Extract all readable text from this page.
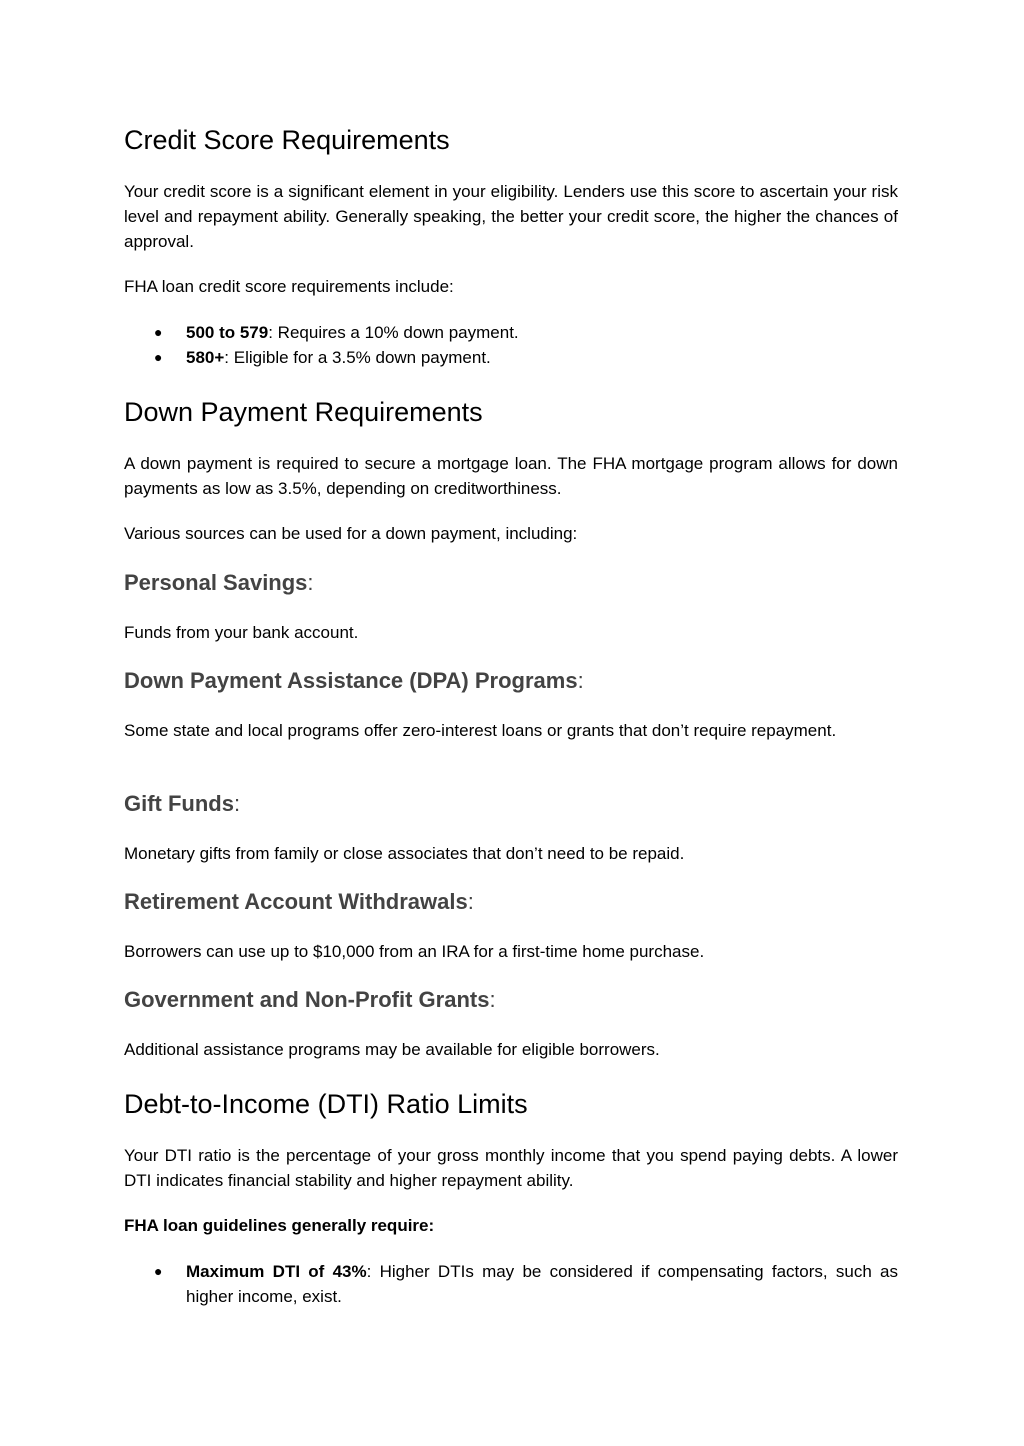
Credit Score Requirements

Your credit score is a significant element in your eligibility. Lenders use this score to ascertain your risk level and repayment ability. Generally speaking, the better your credit score, the higher the chances of approval.

FHA loan credit score requirements include:

● 500 to 579: Requires a 10% down payment.
● 580+: Eligible for a 3.5% down payment.
Down Payment Requirements

A down payment is required to secure a mortgage loan. The FHA mortgage program allows for down payments as low as 3.5%, depending on creditworthiness.

Various sources can be used for a down payment, including:

Personal Savings:

Funds from your bank account.

Down Payment Assistance (DPA) Programs:

Some state and local programs offer zero-interest loans or grants that don’t require repayment.

Gift Funds:

Monetary gifts from family or close associates that don’t need to be repaid.

Retirement Account Withdrawals:

Borrowers can use up to $10,000 from an IRA for a first-time home purchase.

Government and Non-Profit Grants:

Additional assistance programs may be available for eligible borrowers.

Debt-to-Income (DTI) Ratio Limits

Your DTI ratio is the percentage of your gross monthly income that you spend paying debts. A lower DTI indicates financial stability and higher repayment ability.

FHA loan guidelines generally require:

● Maximum DTI of 43%: Higher DTIs may be considered if compensating factors, such as higher income, exist.
